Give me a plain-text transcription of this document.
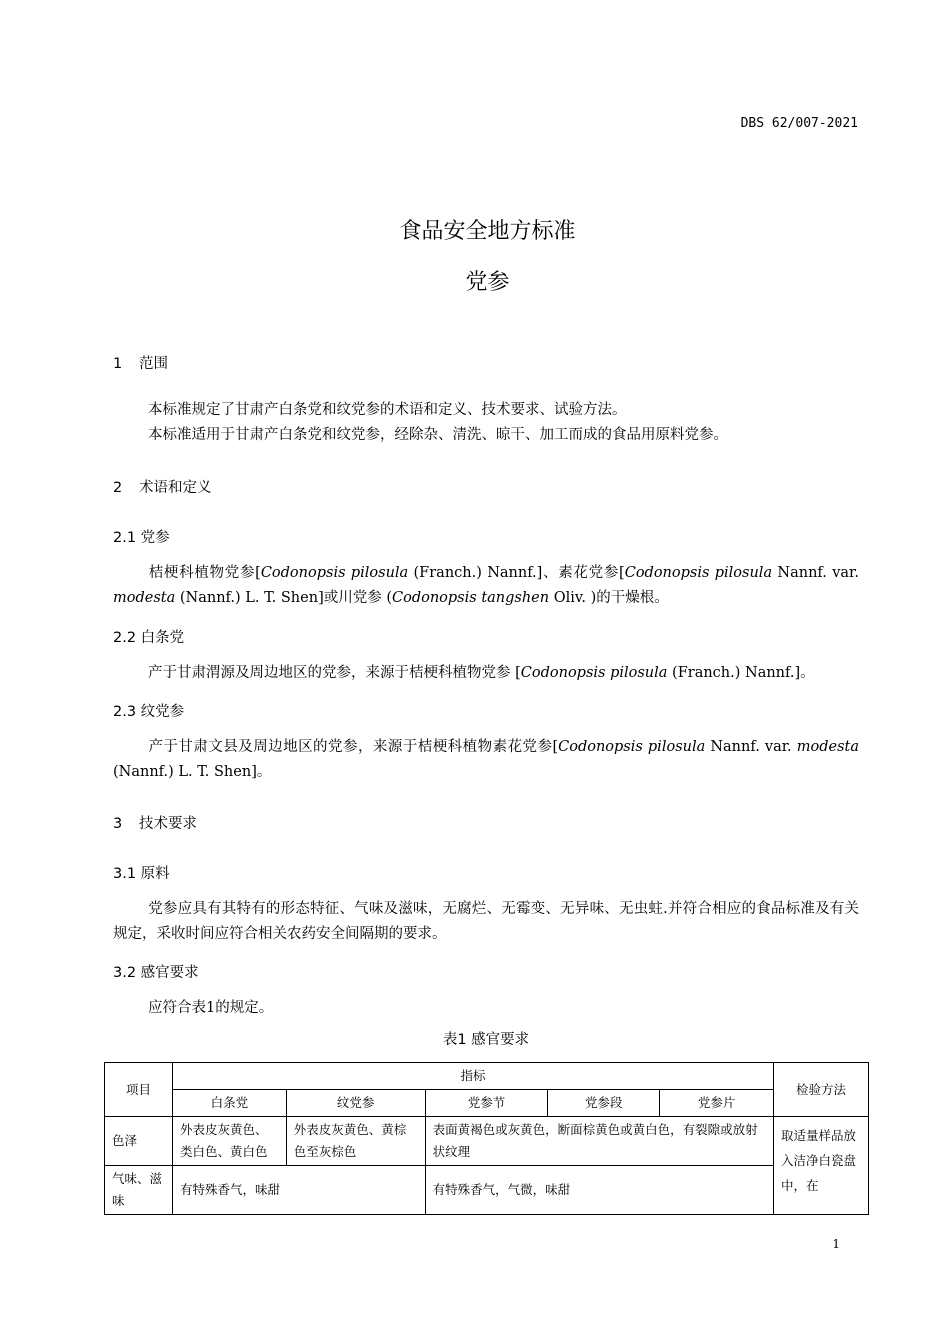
DBS 62/007-2021
食品安全地方标准
党参
1 范围
本标准规定了甘肃产白条党和纹党参的术语和定义、技术要求、试验方法。
本标准适用于甘肃产白条党和纹党参，经除杂、清洗、晾干、加工而成的食品用原料党参。
2 术语和定义
2.1 党参
桔梗科植物党参[Codonopsis pilosula (Franch.) Nannf.]、素花党参[Codonopsis pilosula Nannf. var. modesta (Nannf.) L. T. Shen]或川党参 (Codonopsis tangshen Oliv. )的干燥根。
2.2 白条党
产于甘肃渭源及周边地区的党参，来源于桔梗科植物党参 [Codonopsis pilosula (Franch.) Nannf.]。
2.3 纹党参
产于甘肃文县及周边地区的党参，来源于桔梗科植物素花党参[Codonopsis pilosula Nannf. var. modesta (Nannf.) L. T. Shen]。
3 技术要求
3.1 原料
党参应具有其特有的形态特征、气味及滋味，无腐烂、无霉变、无异味、无虫蛀.并符合相应的食品标准及有关规定，采收时间应符合相关农药安全间隔期的要求。
3.2 感官要求
应符合表1的规定。
表1 感官要求
项目	指标					检验方法
	白条党	纹党参	党参节	党参段	党参片	
色泽	外表皮灰黄色、类白色、黄白色	外表皮灰黄色、黄棕色至灰棕色	表面黄褐色或灰黄色，断面棕黄色或黄白色，有裂隙或放射状纹理			取适量样品放入洁净白瓷盘中，在
气味、滋味	有特殊香气，味甜		有特殊香气，气微，味甜			
1
